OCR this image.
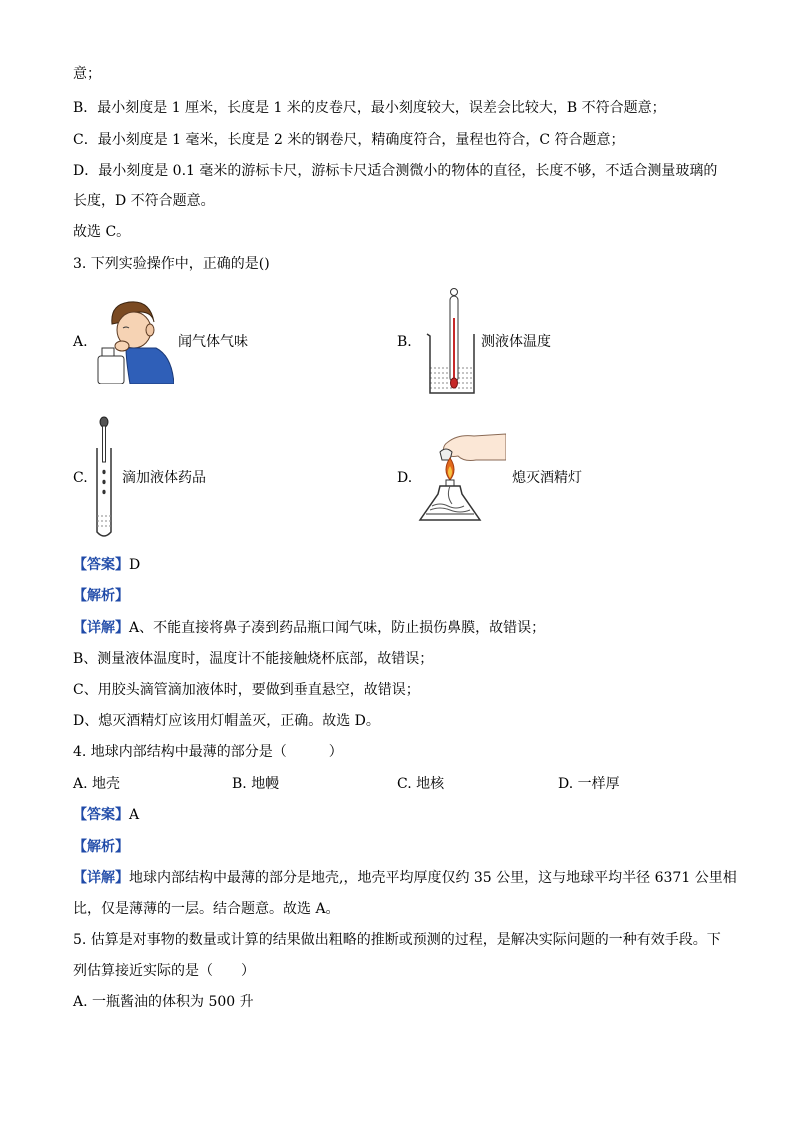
意；
B．最小刻度是 1 厘米，长度是 1 米的皮卷尺，最小刻度较大，误差会比较大，B 不符合题意；
C．最小刻度是 1 毫米，长度是 2 米的钢卷尺，精确度符合，量程也符合，C 符合题意；
D．最小刻度是 0.1 毫米的游标卡尺，游标卡尺适合测微小的物体的直径，长度不够，不适合测量玻璃的
长度，D 不符合题意。
故选 C。
3. 下列实验操作中，正确的是()
A.	闻气体气味	B.	测液体温度
C. 滴加液体药品	D.	熄灭酒精灯
【答案】D
【解析】
【详解】A、不能直接将鼻子凑到药品瓶口闻气味，防止损伤鼻膜，故错误；
B、测量液体温度时，温度计不能接触烧杯底部，故错误；
C、用胶头滴管滴加液体时，要做到垂直悬空，故错误；
D、熄灭酒精灯应该用灯帽盖灭，正确。故选 D。
4. 地球内部结构中最薄的部分是（　　　）
A. 地壳	B. 地幔	C. 地核	D. 一样厚
【答案】A
【解析】
【详解】地球内部结构中最薄的部分是地壳,，地壳平均厚度仅约 35 公里，这与地球平均半径 6371 公里相
比，仅是薄薄的一层。结合题意。故选 A。
5. 估算是对事物的数量或计算的结果做出粗略的推断或预测的过程，是解决实际问题的一种有效手段。下
列估算接近实际的是（　　）
A. 一瓶酱油的体积为 500 升
